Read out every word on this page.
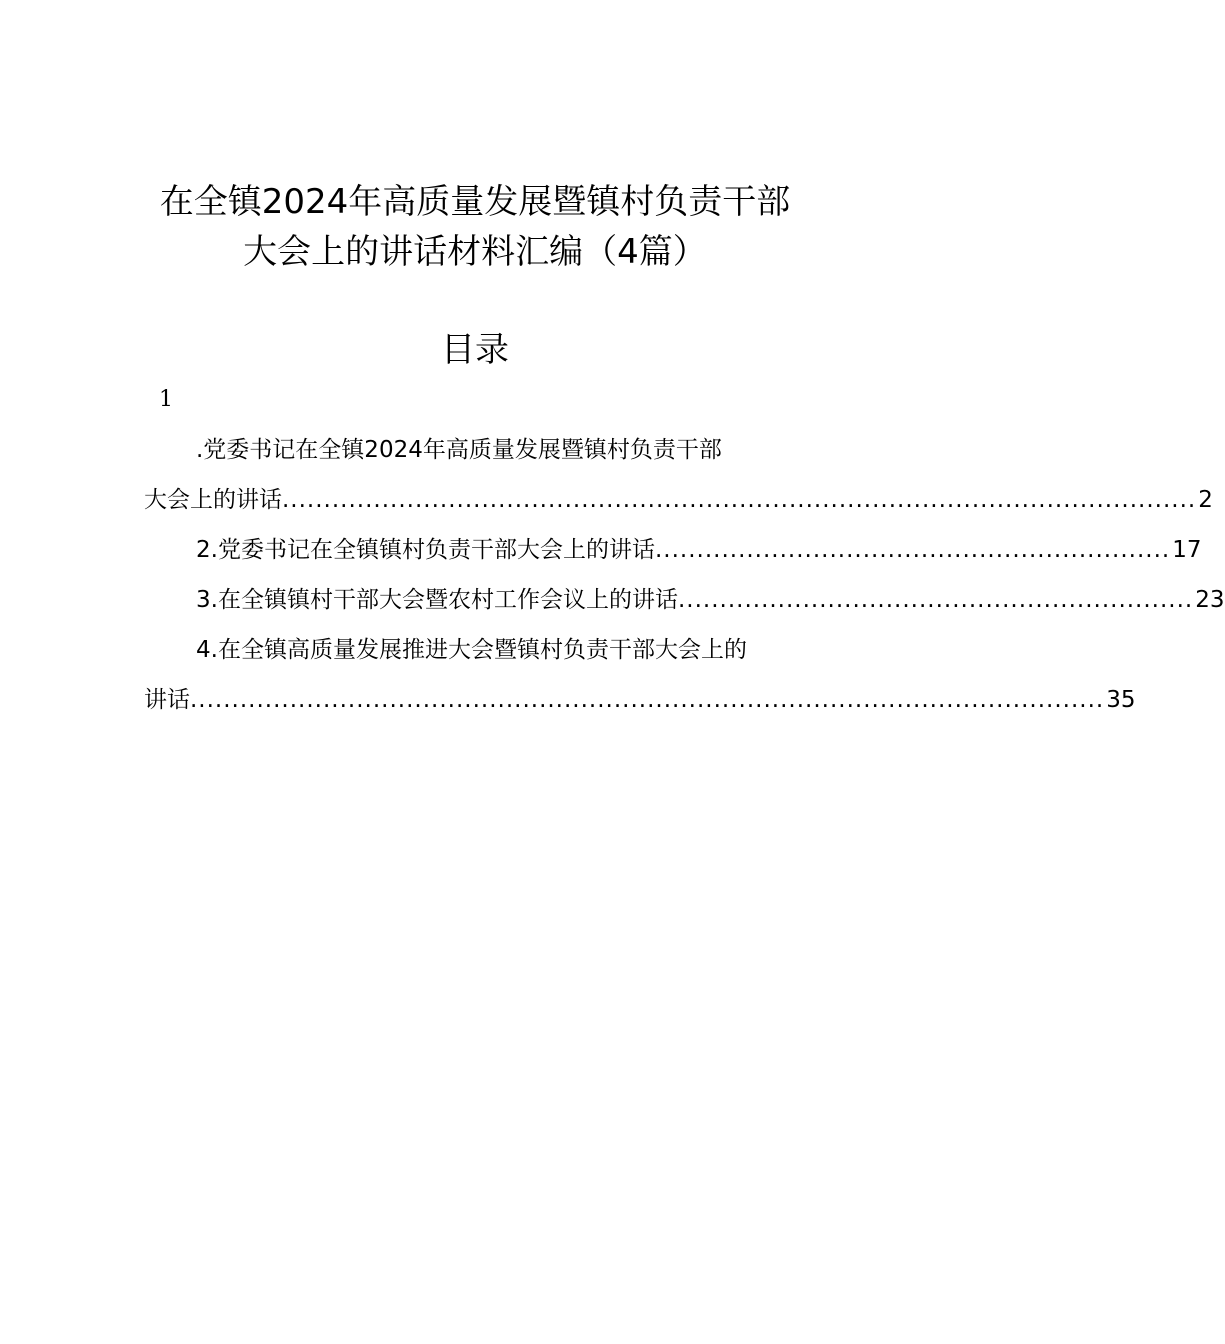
在全镇2024年高质量发展暨镇村负责干部
大会上的讲话材料汇编（4篇）
目录
1
.党委书记在全镇2024年高质量发展暨镇村负责干部
大会上的讲话 .............................................................................................................. 2
2.党委书记在全镇镇村负责干部大会上的讲话 .............................................................. 17
3.在全镇镇村干部大会暨农村工作会议上的讲话 .............................................................. 23
4.在全镇高质量发展推进大会暨镇村负责干部大会上的
讲话 .............................................................................................................. 35
